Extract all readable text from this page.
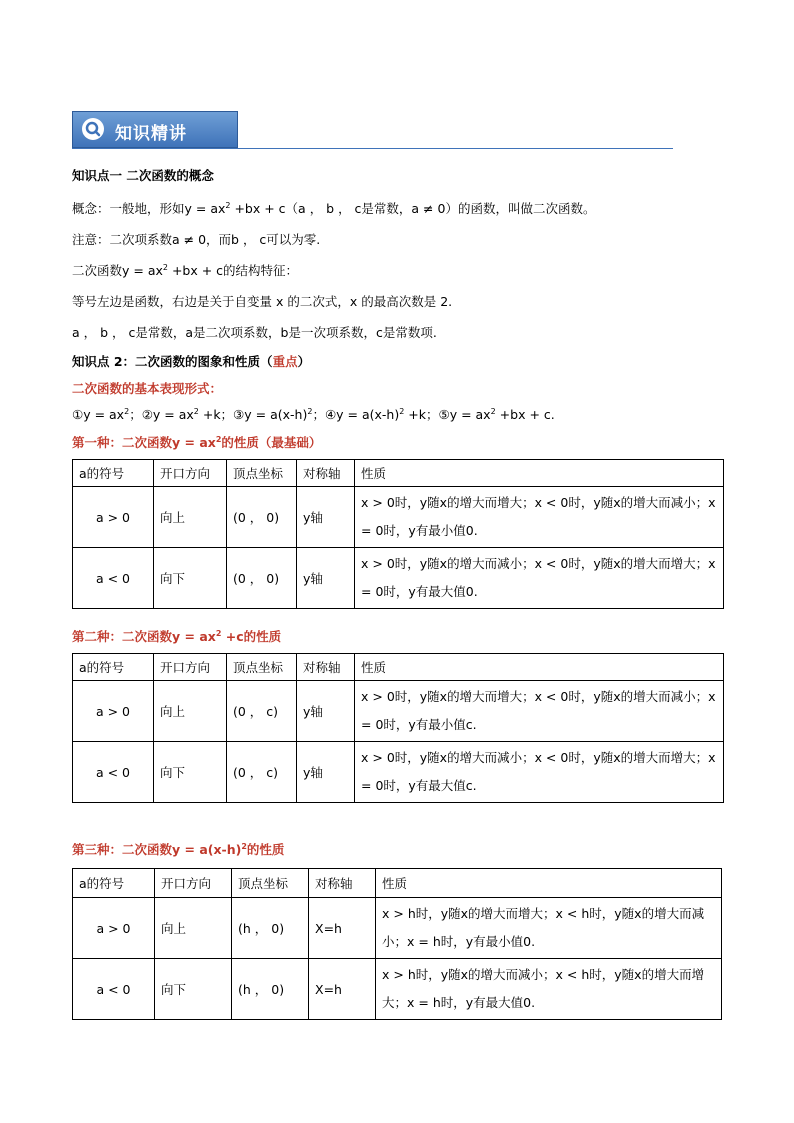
知识精讲
知识点一 二次函数的概念
概念：一般地，形如$y = ax^2 +bx + c(a$ ， b ， c是常数，a ≠ 0）的函数，叫做二次函数。
注意：二次项系数a ≠ 0，而b ， c可以为零.
二次函数$y = ax^2 +bx + c$的结构特征：
等号左边是函数，右边是关于自变量 x 的二次式，x 的最高次数是 2.
a ， b ， c是常数，a是二次项系数，b是一次项系数，c是常数项.
知识点 2：二次函数的图象和性质（重点）
二次函数的基本表现形式：
①y = $ax^2$；②y = $ax^2 +k$；③y = $a(x-h)^2$；④y = $a(x-h)^2 +k$；⑤y = $ax^2 +bx + c$.
第一种：二次函数$y = ax^2$的性质（最基础）
a的符号	开口方向	顶点坐标	对称轴	性质
a > 0	向上	(0 ， 0)	y轴	x > 0时，y随x的增大而增大；x < 0时，y随x的增大而减小；x = 0时，y有最小值0.
a < 0	向下	(0 ， 0)	y轴	x > 0时，y随x的增大而减小；x < 0时，y随x的增大而增大；x = 0时，y有最大值0.
第二种：二次函数$y = ax^2 +c$的性质
a的符号	开口方向	顶点坐标	对称轴	性质
a > 0	向上	(0 ， c)	y轴	x > 0时，y随x的增大而增大；x < 0时，y随x的增大而减小；x = 0时，y有最小值c.
a < 0	向下	(0 ， c)	y轴	x > 0时，y随x的增大而减小；x < 0时，y随x的增大而增大；x = 0时，y有最大值c.
第三种：二次函数$y = a(x-h)^2$的性质
a的符号	开口方向	顶点坐标	对称轴	性质
a > 0	向上	(h ， 0)	X=h	x > h时，y随x的增大而增大；x < h时，y随x的增大而减小；x = h时，y有最小值0.
a < 0	向下	(h ， 0)	X=h	x > h时，y随x的增大而减小；x < h时，y随x的增大而增大；x = h时，y有最大值0.
